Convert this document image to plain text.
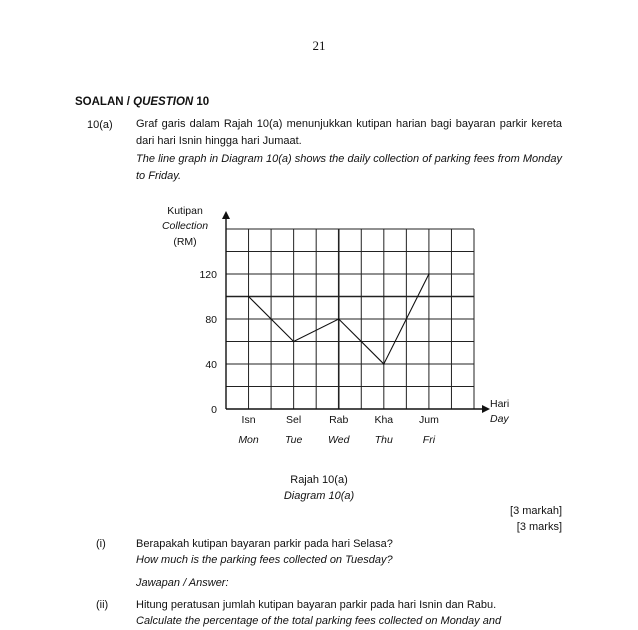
21
SOALAN / QUESTION 10
10(a) Graf garis dalam Rajah 10(a) menunjukkan kutipan harian bagi bayaran parkir kereta dari hari Isnin hingga hari Jumaat.
The line graph in Diagram 10(a) shows the daily collection of parking fees from Monday to Friday.
Kutipan
Collection
(RM)
Hari
Day
0
40
80
120
Isn	Sel	Rab Kha Jum
Mon Tue Wed Thu	Fri
Rajah 10(a)
Diagram 10(a)
[3 markah]
[3 marks]
(i)	Berapakah kutipan bayaran parkir pada hari Selasa?
How much is the parking fees collected on Tuesday?
Jawapan / Answer:
(ii)	Hitung peratusan jumlah kutipan bayaran parkir pada hari Isnin dan Rabu.
Calculate the percentage of the total parking fees collected on Monday and
